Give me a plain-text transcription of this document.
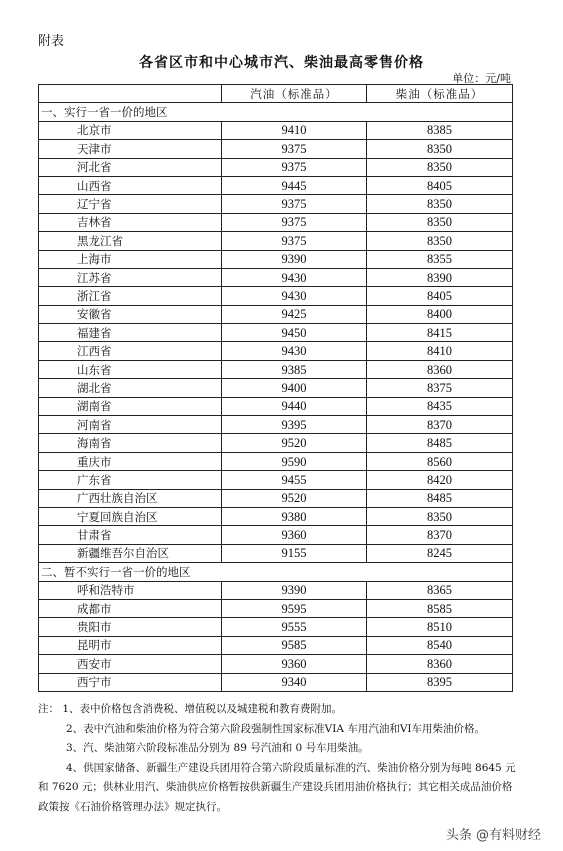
附表
各省区市和中心城市汽、柴油最高零售价格
单位：元/吨
	汽油（标准品）	柴油（标准品）
一、实行一省一价的地区		
北京市	9410	8385
天津市	9375	8350
河北省	9375	8350
山西省	9445	8405
辽宁省	9375	8350
吉林省	9375	8350
黑龙江省	9375	8350
上海市	9390	8355
江苏省	9430	8390
浙江省	9430	8405
安徽省	9425	8400
福建省	9450	8415
江西省	9430	8410
山东省	9385	8360
湖北省	9400	8375
湖南省	9440	8435
河南省	9395	8370
海南省	9520	8485
重庆市	9590	8560
广东省	9455	8420
广西壮族自治区	9520	8485
宁夏回族自治区	9380	8350
甘肃省	9360	8370
新疆维吾尔自治区	9155	8245
二、暂不实行一省一价的地区		
呼和浩特市	9390	8365
成都市	9595	8585
贵阳市	9555	8510
昆明市	9585	8540
西安市	9360	8360
西宁市	9340	8395

注： 1、表中价格包含消费税、增值税以及城建税和教育费附加。

2、表中汽油和柴油价格为符合第六阶段强制性国家标准VIA 车用汽油和VI车用柴油价格。

3、汽、柴油第六阶段标准品分别为 89 号汽油和 0 号车用柴油。

4、供国家储备、新疆生产建设兵团用符合第六阶段质量标准的汽、柴油价格分别为每吨 8645 元和 7620 元；供林业用汽、柴油供应价格暂按供新疆生产建设兵团用油价格执行；其它相关成品油价格政策按《石油价格管理办法》规定执行。

头条 @有料财经
